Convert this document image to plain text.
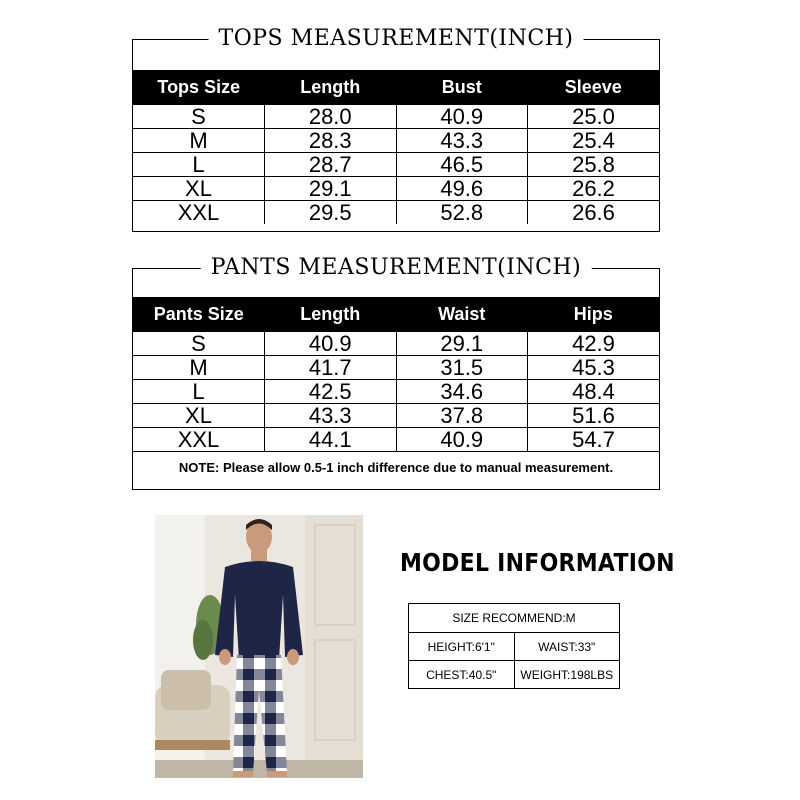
TOPS MEASUREMENT(INCH)
Tops Size	Length	Bust	Sleeve
S	28.0	40.9	25.0
M	28.3	43.3	25.4
L	28.7	46.5	25.8
XL	29.1	49.6	26.2
XXL	29.5	52.8	26.6
PANTS MEASUREMENT(INCH)
Pants Size	Length	Waist	Hips
S	40.9	29.1	42.9
M	41.7	31.5	45.3
L	42.5	34.6	48.4
XL	43.3	37.8	51.6
XXL	44.1	40.9	54.7
NOTE: Please allow 0.5-1 inch difference due to manual measurement.
MODEL INFORMATION
SIZE RECOMMEND:M
HEIGHT:6'1"	WAIST:33"
CHEST:40.5"	WEIGHT:198LBS
